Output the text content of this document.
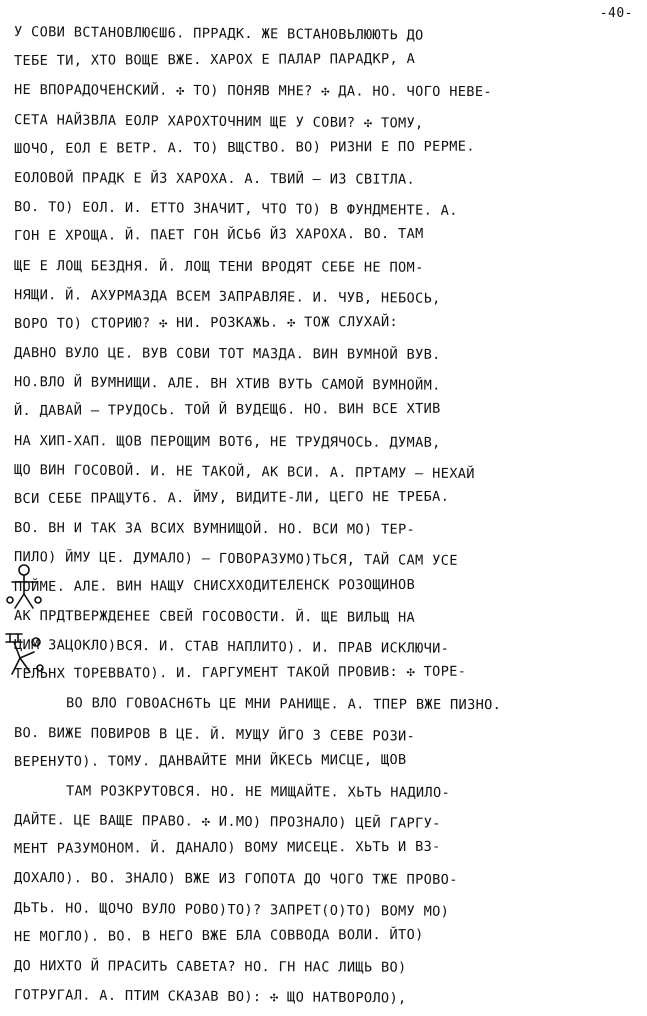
-40-
У СОВИ ВСТАНОВЛЮЄШ6. ПРРАДК. ЖЕ ВСТАНОВЬЛЮЮТЬ ДО
ТЕБЕ ТИ, ХТО ВОЩЕ ВЖЕ. ХАРОХ Е ПАЛАР ПАРАДКР, А
НЕ ВПОРАДОЧЕНСКИЙ. ✣ ТО) ПОНЯВ МНЕ? ✣ ДА. НО. ЧОГО НЕВЕ-
СЕТА НАЙЗВЛА ЕОЛР ХАРОХТОЧНИМ ЩЕ У СОВИ? ✣ ТОМУ,
ШОЧО, ЕОЛ Е ВЕТР. А. ТО) ВЩСТВО. ВО) РИЗНИ Е ПО РЕРМЕ.
ЕОЛОВОЙ ПРАДК Е ЙЗ ХАРОХА. А. ТВИЙ — ИЗ СВІТЛА.
ВО. ТО) ЕОЛ. И. ЕТТО ЗНАЧИТ, ЧТО ТО) В ФУНДМЕНТЕ. А.
ГОН Е ХРОЩА. Й. ПАЕТ ГОН ЙСЬ6 ЙЗ ХАРОХА. ВО. ТАМ
ЩЕ Е ЛОЩ БЕЗДНЯ. Й. ЛОЩ ТЕНИ ВРОДЯТ СЕБЕ НЕ ПОМ-
НЯЩИ. Й. АХУРМАЗДА ВСЕМ ЗАПРАВЛЯЕ. И. ЧУВ, НЕБОСЬ,
ВОРО ТО) СТОРИЮ? ✣ НИ. РОЗКАЖЬ. ✣ ТОЖ СЛУХАЙ:
ДАВНО ВУЛО ЦЕ. ВУВ СОВИ ТОТ МАЗДА. ВИН ВУМНОЙ ВУВ.
НО.ВЛО Й ВУМНИЩИ. АЛЕ. ВН ХТИВ ВУТЬ САМОЙ ВУМНОЙМ.
Й. ДАВАЙ — ТРУДОСЬ. ТОЙ Й ВУДЕЩ6. НО. ВИН ВСЕ ХТИВ
НА ХИП-ХАП. ЩОВ ПЕРОЩИМ ВОТ6, НЕ ТРУДЯЧОСЬ. ДУМАВ,
ЩО ВИН ГОСОВОЙ. И. НЕ ТАКОЙ, АК ВСИ. А. ПРТАМУ — НЕХАЙ
ВСИ СЕБЕ ПРАЩУТ6. А. ЙМУ, ВИДИТЕ-ЛИ, ЦЕГО НЕ ТРЕБА.
ВО. ВН И ТАК ЗА ВСИХ ВУМНИЩОЙ. НО. ВСИ МО) ТЕР-
ПИЛО) ЙМУ ЦЕ. ДУМАЛО) — ГОВОРАЗУМО)ТЬСЯ, ТАЙ САМ УСЕ
ПОЙМЕ. АЛЕ. ВИН НАЩУ СНИСХХОДИТЕЛЕНСК РОЗОЩИНОВ
АК ПРДТВЕРЖДЕНЕЕ СВЕЙ ГОСОВОСТИ. Й. ЩЕ ВИЛЬЩ НА
ЦИМ ЗАЦОКЛО)ВСЯ. И. СТАВ НАПЛИТО). И. ПРАВ ИСКЛЮЧИ-
ТЕЛЬНХ ТОРЕВВАТО). И. ГАРГУМЕНТ ТАКОЙ ПРОВИВ: ✣ ТОРЕ-
ВО ВЛО ГОВОАСН6ТЬ ЦЕ МНИ РАНИЩЕ. А. ТПЕР ВЖЕ ПИЗНО.
ВО. ВИЖЕ ПОВИРОВ В ЦЕ. Й. МУЩУ ЙГО З СЕВЕ РОЗИ-
ВЕРЕНУТО). ТОМУ. ДАНВАЙТЕ МНИ ЙКЕСЬ МИСЦЕ, ЩОВ
ТАМ РОЗКРУТОВСЯ. НО. НЕ МИЩАЙТЕ. ХЬТЬ НАДИЛО-
ДАЙТЕ. ЦЕ ВАЩЕ ПРАВО. ✣ И.МО) ПРОЗНАЛО) ЦЕЙ ГАРГУ-
МЕНТ РАЗУМОНОМ. Й. ДАНАЛО) ВОМУ МИСЕЦЕ. ХЬТЬ И ВЗ-
ДОХАЛО). ВО. ЗНАЛО) ВЖЕ ИЗ ГОПОТА ДО ЧОГО ТЖЕ ПРОВО-
ДЬТЬ. НО. ЩОЧО ВУЛО РОВО)ТО)? ЗАПРЕТ(О)ТО) ВОМУ МО)
НЕ МОГЛО). ВО. В НЕГО ВЖЕ БЛА СОВВОДА ВОЛИ. ЙТО)
ДО НИХТО Й ПРАСИТЬ САВЕТА? НО. ГН НАС ЛИЩЬ ВО)
ГОТРУГАЛ. А. ПТИМ СКАЗАВ ВО): ✣ ЩО НАТВОРОЛО),
